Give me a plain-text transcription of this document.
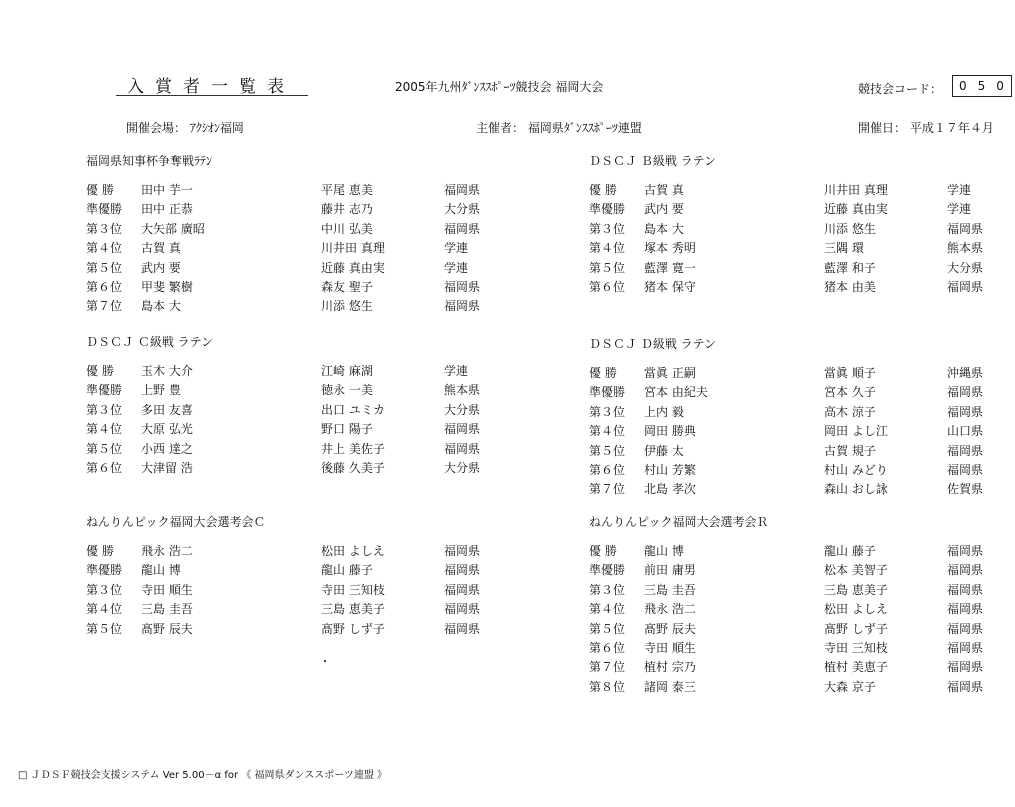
入賞者一覧表	2005年九州ﾀﾞﾝｽｽﾎﾟｰﾂ競技会 福岡大会	競技会コード：	050
開催会場： ｱｸｼｵﾝ福岡	主催者： 福岡県ﾀﾞﾝｽｽﾎﾟｰﾂ連盟	開催日： 平成１７年４月
福岡県知事杯争奪戦ﾗﾃﾝ
優 勝	田中 芋一	平尾 恵美	福岡県
準優勝	田中 正恭	藤井 志乃	大分県
第３位	大矢部 廣昭	中川 弘美	福岡県
第４位	古賀 真	川井田 真理	学連
第５位	武内 要	近藤 真由実	学連
第６位	甲斐 繁樹	森友 聖子	福岡県
第７位	島本 大	川添 悠生	福岡県
ＤＳＣＪ Ｂ級戦 ラテン
優 勝	古賀 真	川井田 真理	学連
準優勝	武内 要	近藤 真由実	学連
第３位	島本 大	川添 悠生	福岡県
第４位	塚本 秀明	三隅 環	熊本県
第５位	藍澤 寛一	藍澤 和子	大分県
第６位	猪本 保守	猪本 由美	福岡県
ＤＳＣＪ Ｃ級戦 ラテン
優 勝	玉木 大介	江崎 麻湖	学連
準優勝	上野 豊	徳永 一美	熊本県
第３位	多田 友喜	出口 ユミカ	大分県
第４位	大原 弘光	野口 陽子	福岡県
第５位	小西 達之	井上 美佐子	福岡県
第６位	大津留 浩	後藤 久美子	大分県
ＤＳＣＪ Ｄ級戦 ラテン
優 勝	當眞 正嗣	當眞 順子	沖縄県
準優勝	宮本 由紀夫	宮本 久子	福岡県
第３位	上内 毅	高木 涼子	福岡県
第４位	岡田 勝典	岡田 よし江	山口県
第５位	伊藤 太	古賀 規子	福岡県
第６位	村山 芳繁	村山 みどり	福岡県
第７位	北島 孝次	森山 おし詠	佐賀県
ねんりんピック福岡大会選考会Ｃ
優 勝	飛永 浩二	松田 よしえ	福岡県
準優勝	龍山 博	龍山 藤子	福岡県
第３位	寺田 順生	寺田 三知枝	福岡県
第４位	三島 圭吾	三島 恵美子	福岡県
第５位	髙野 辰夫	髙野 しず子	福岡県
ねんりんピック福岡大会選考会Ｒ
優 勝	龍山 博	龍山 藤子	福岡県
準優勝	前田 庸男	松本 美智子	福岡県
第３位	三島 圭吾	三島 恵美子	福岡県
第４位	飛永 浩二	松田 よしえ	福岡県
第５位	髙野 辰夫	髙野 しず子	福岡県
第６位	寺田 順生	寺田 三知枝	福岡県
第７位	植村 宗乃	植村 美恵子	福岡県
第８位	諸岡 泰三	大森 京子	福岡県
□ ＪＤＳＦ競技会支援システム Ver 5.00－α for 《 福岡県ダンススポーツ連盟 》
